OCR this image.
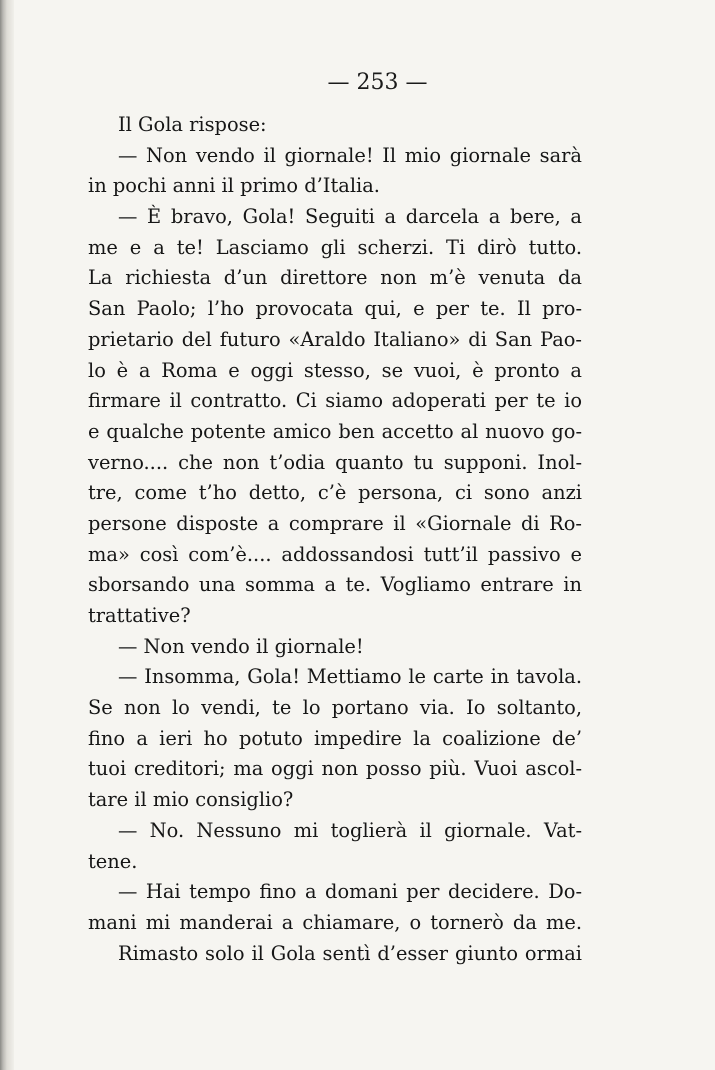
— 253 —
Il Gola rispose:
— Non vendo il giornale! Il mio giornale sarà
in pochi anni il primo d’Italia.
— È bravo, Gola! Seguiti a darcela a bere, a
me e a te! Lasciamo gli scherzi. Ti dirò tutto.
La richiesta d’un direttore non m’è venuta da
San Paolo; l’ho provocata qui, e per te. Il pro-
prietario del futuro «Araldo Italiano» di San Pao-
lo è a Roma e oggi stesso, se vuoi, è pronto a
firmare il contratto. Ci siamo adoperati per te io
e qualche potente amico ben accetto al nuovo go-
verno.... che non t’odia quanto tu supponi. Inol-
tre, come t’ho detto, c’è persona, ci sono anzi
persone disposte a comprare il «Giornale di Ro-
ma» così com’è.... addossandosi tutt’il passivo e
sborsando una somma a te. Vogliamo entrare in
trattative?
— Non vendo il giornale!
— Insomma, Gola! Mettiamo le carte in tavola.
Se non lo vendi, te lo portano via. Io soltanto,
fino a ieri ho potuto impedire la coalizione de’
tuoi creditori; ma oggi non posso più. Vuoi ascol-
tare il mio consiglio?
— No. Nessuno mi toglierà il giornale. Vat-
tene.
— Hai tempo fino a domani per decidere. Do-
mani mi manderai a chiamare, o tornerò da me.
Rimasto solo il Gola sentì d’esser giunto ormai
